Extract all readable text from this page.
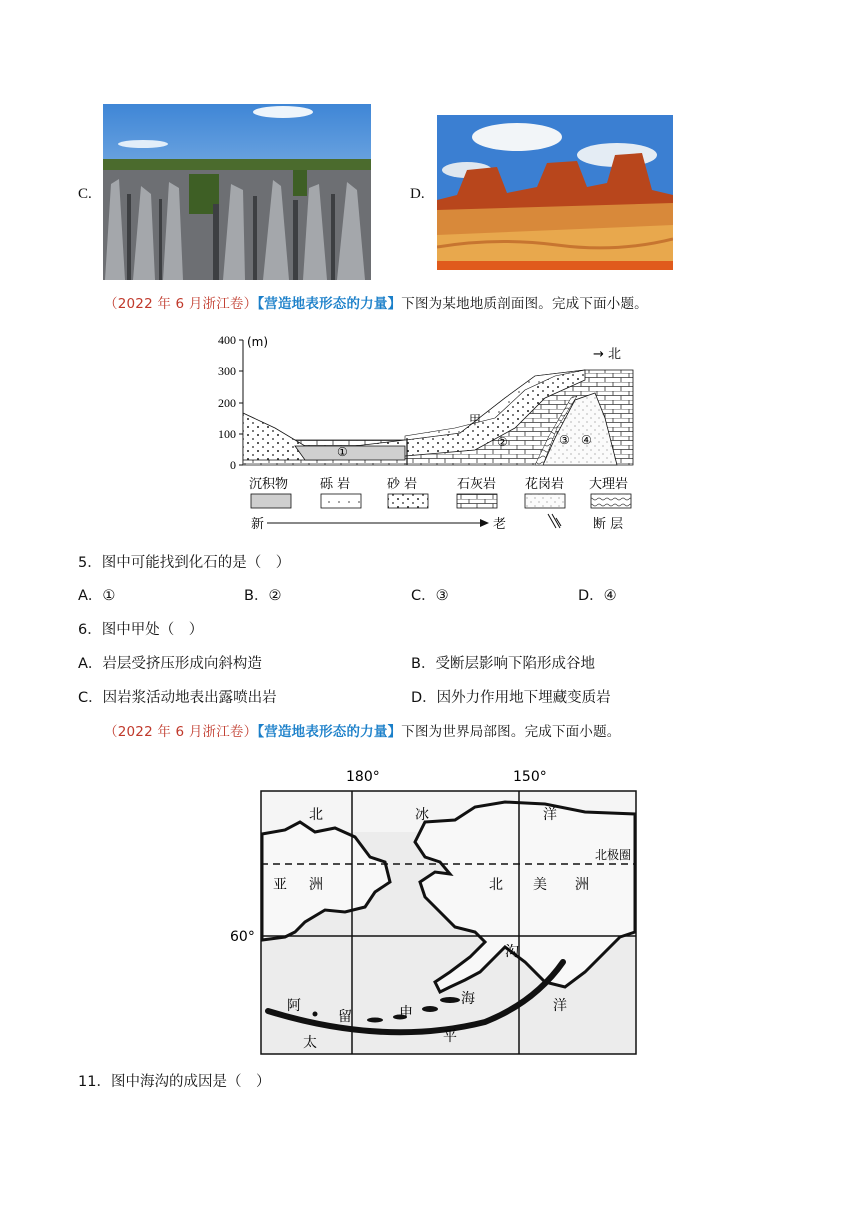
C.	D.
（2022 年 6 月浙江卷）【营造地表形态的力量】下图为某地地质剖面图。完成下面小题。
400
300
200
100
0
(m)
→ 北
甲
①
②	③ ④
沉积物 砾 岩	砂 岩	石灰岩 花岗岩 大理岩
新	老	断 层
5．图中可能找到化石的是（　）
A．①	B．②	C．③	D．④
6．图中甲处（　）
A．岩层受挤压形成向斜构造	B．受断层影响下陷形成谷地
C．因岩浆活动地表出露喷出岩	D．因外力作用地下埋藏变质岩
（2022 年 6 月浙江卷）【营造地表形态的力量】下图为世界局部图。完成下面小题。
180°	150°
60°
北	冰	洋
北极圈
亚 洲	北 美 洲
阿
留	申
海
沟
太	平
洋
11．图中海沟的成因是（　）
